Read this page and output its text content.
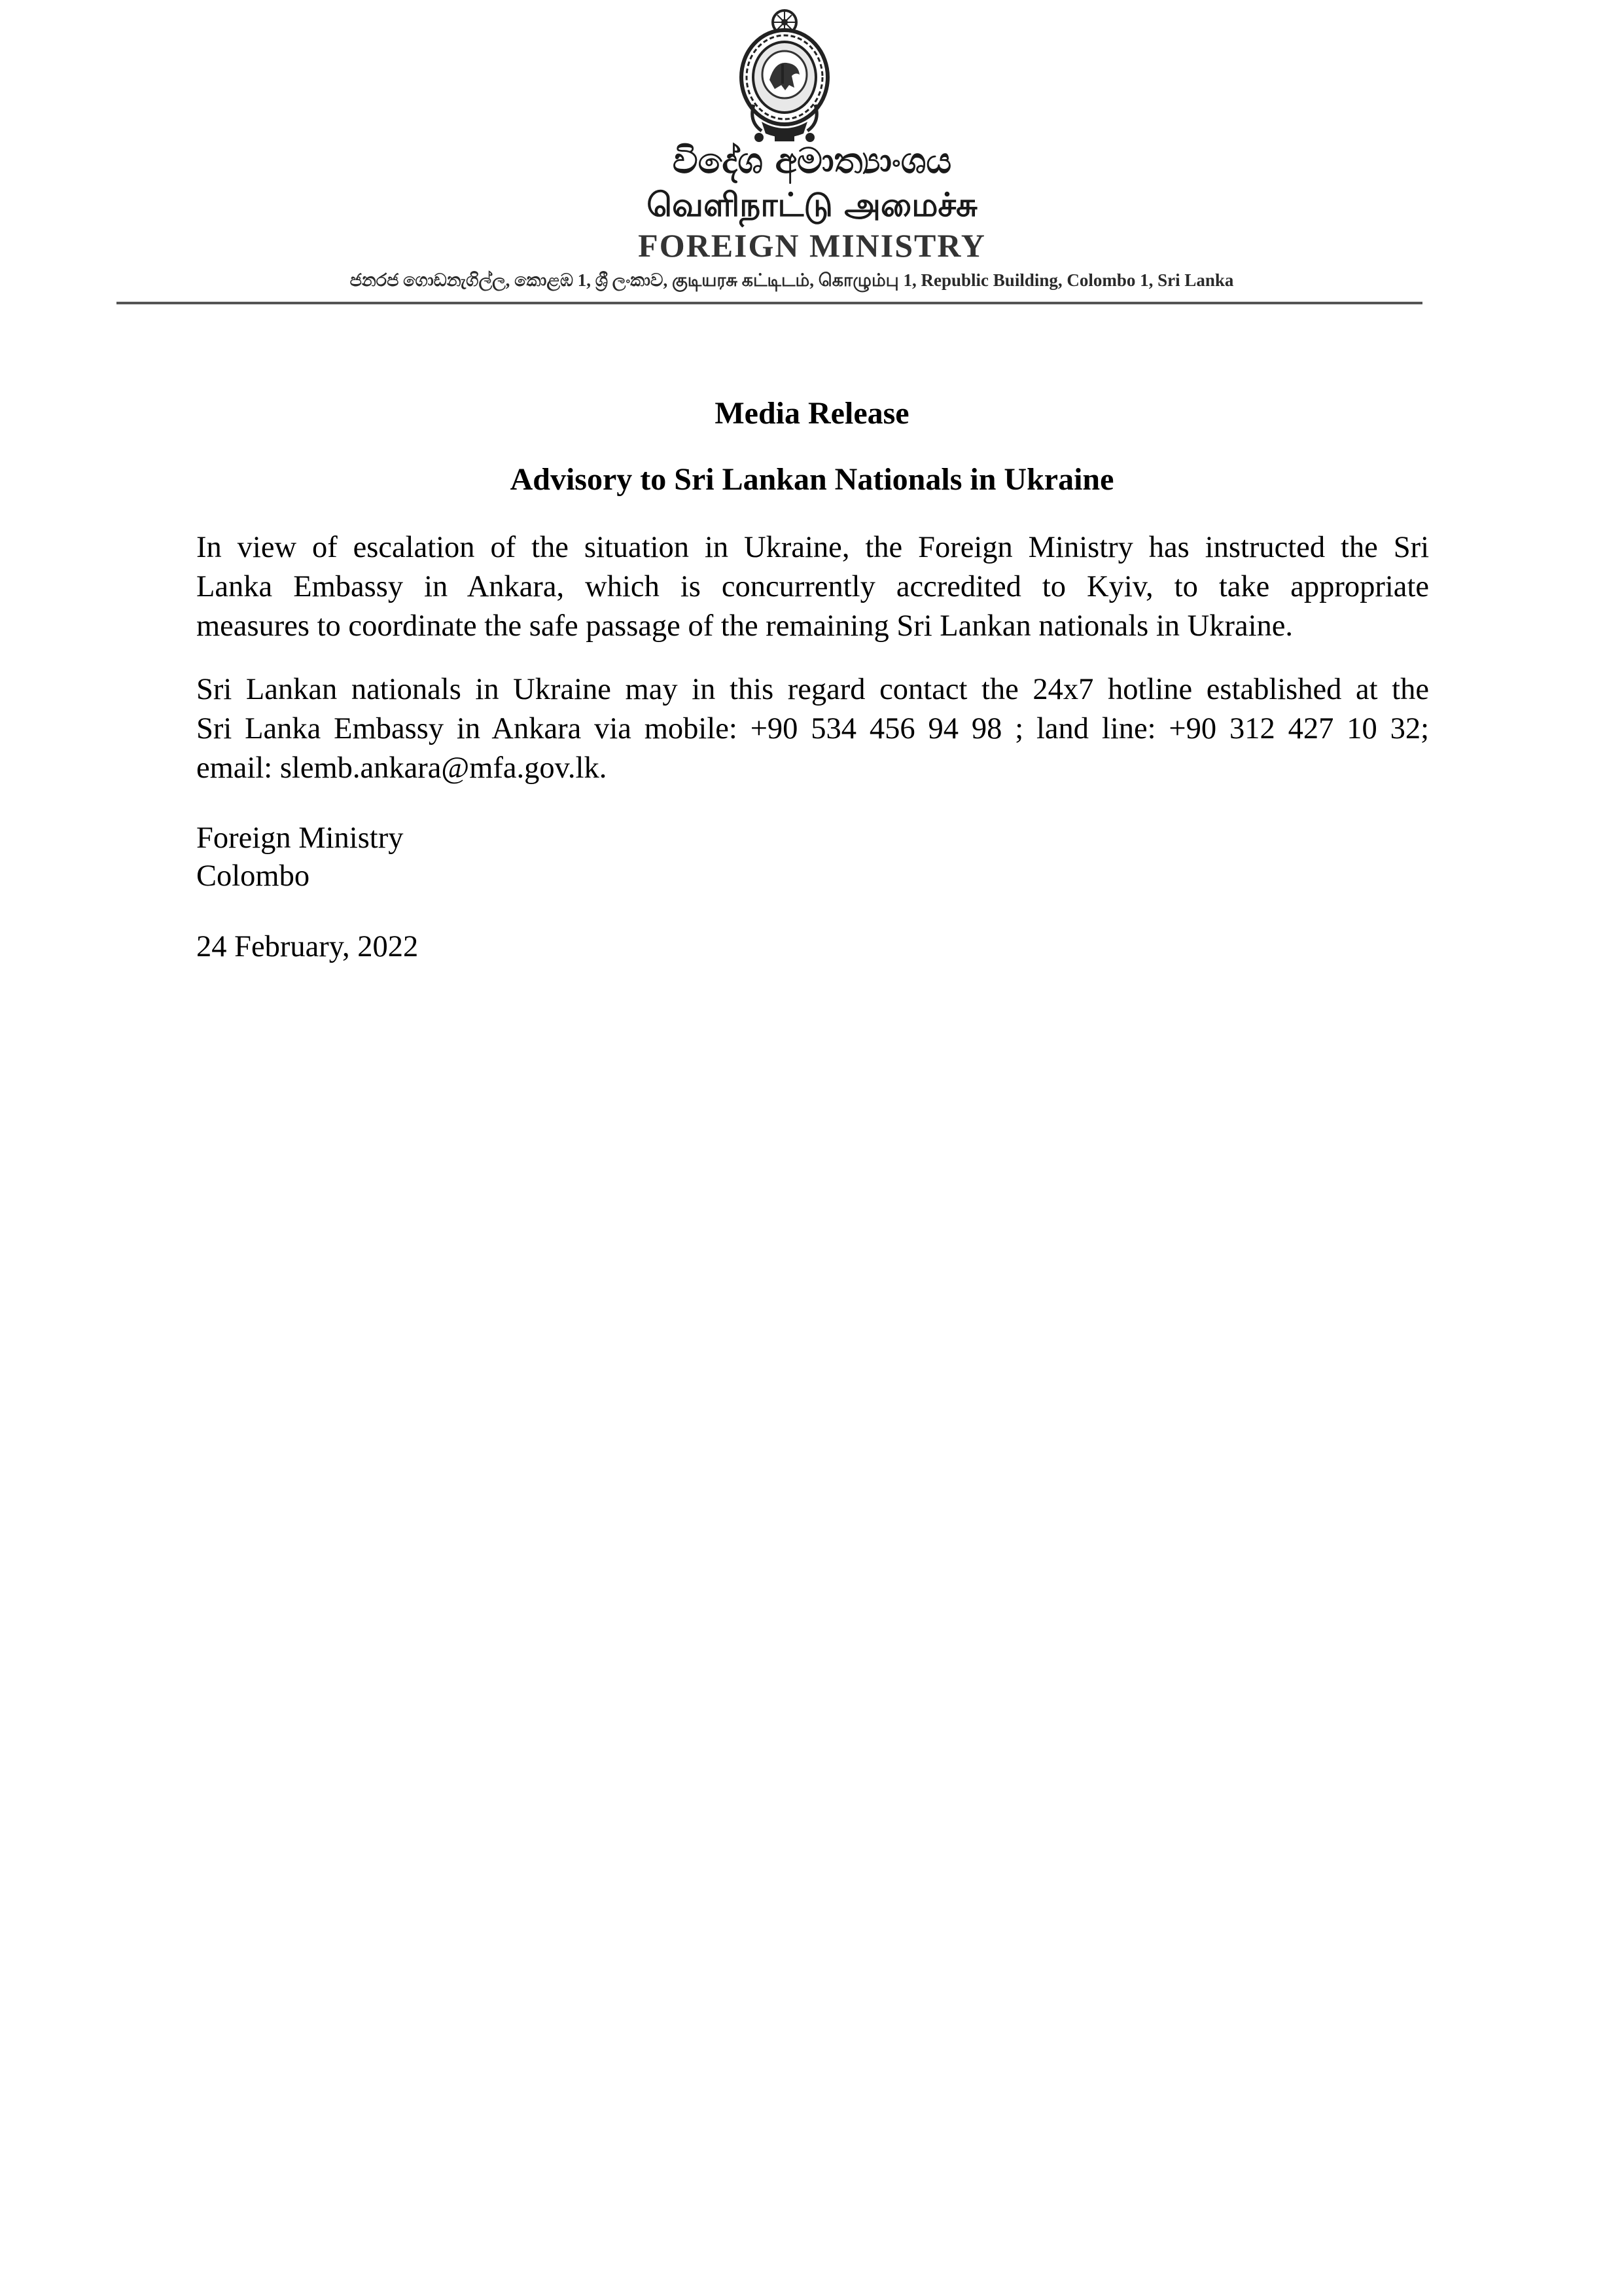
විදේශ අමාත්‍යාංශය
வெளிநாட்டு அமைச்சு
FOREIGN MINISTRY
ජනරජ ගොඩනැගිල්ල, කොළඹ 1, ශ්‍රී ලංකාව, குடியரசு கட்டிடம், கொழும்பு 1, Republic Building, Colombo 1, Sri Lanka
Media Release
Advisory to Sri Lankan Nationals in Ukraine
In view of escalation of the situation in Ukraine, the Foreign Ministry has instructed the Sri
Lanka Embassy in Ankara, which is concurrently accredited to Kyiv, to take appropriate
measures to coordinate the safe passage of the remaining Sri Lankan nationals in Ukraine.
Sri Lankan nationals in Ukraine may in this regard contact the 24x7 hotline established at the
Sri Lanka Embassy in Ankara via mobile: +90 534 456 94 98 ; land line: +90 312 427 10 32;
email: slemb.ankara@mfa.gov.lk.
Foreign Ministry
Colombo
24 February, 2022
